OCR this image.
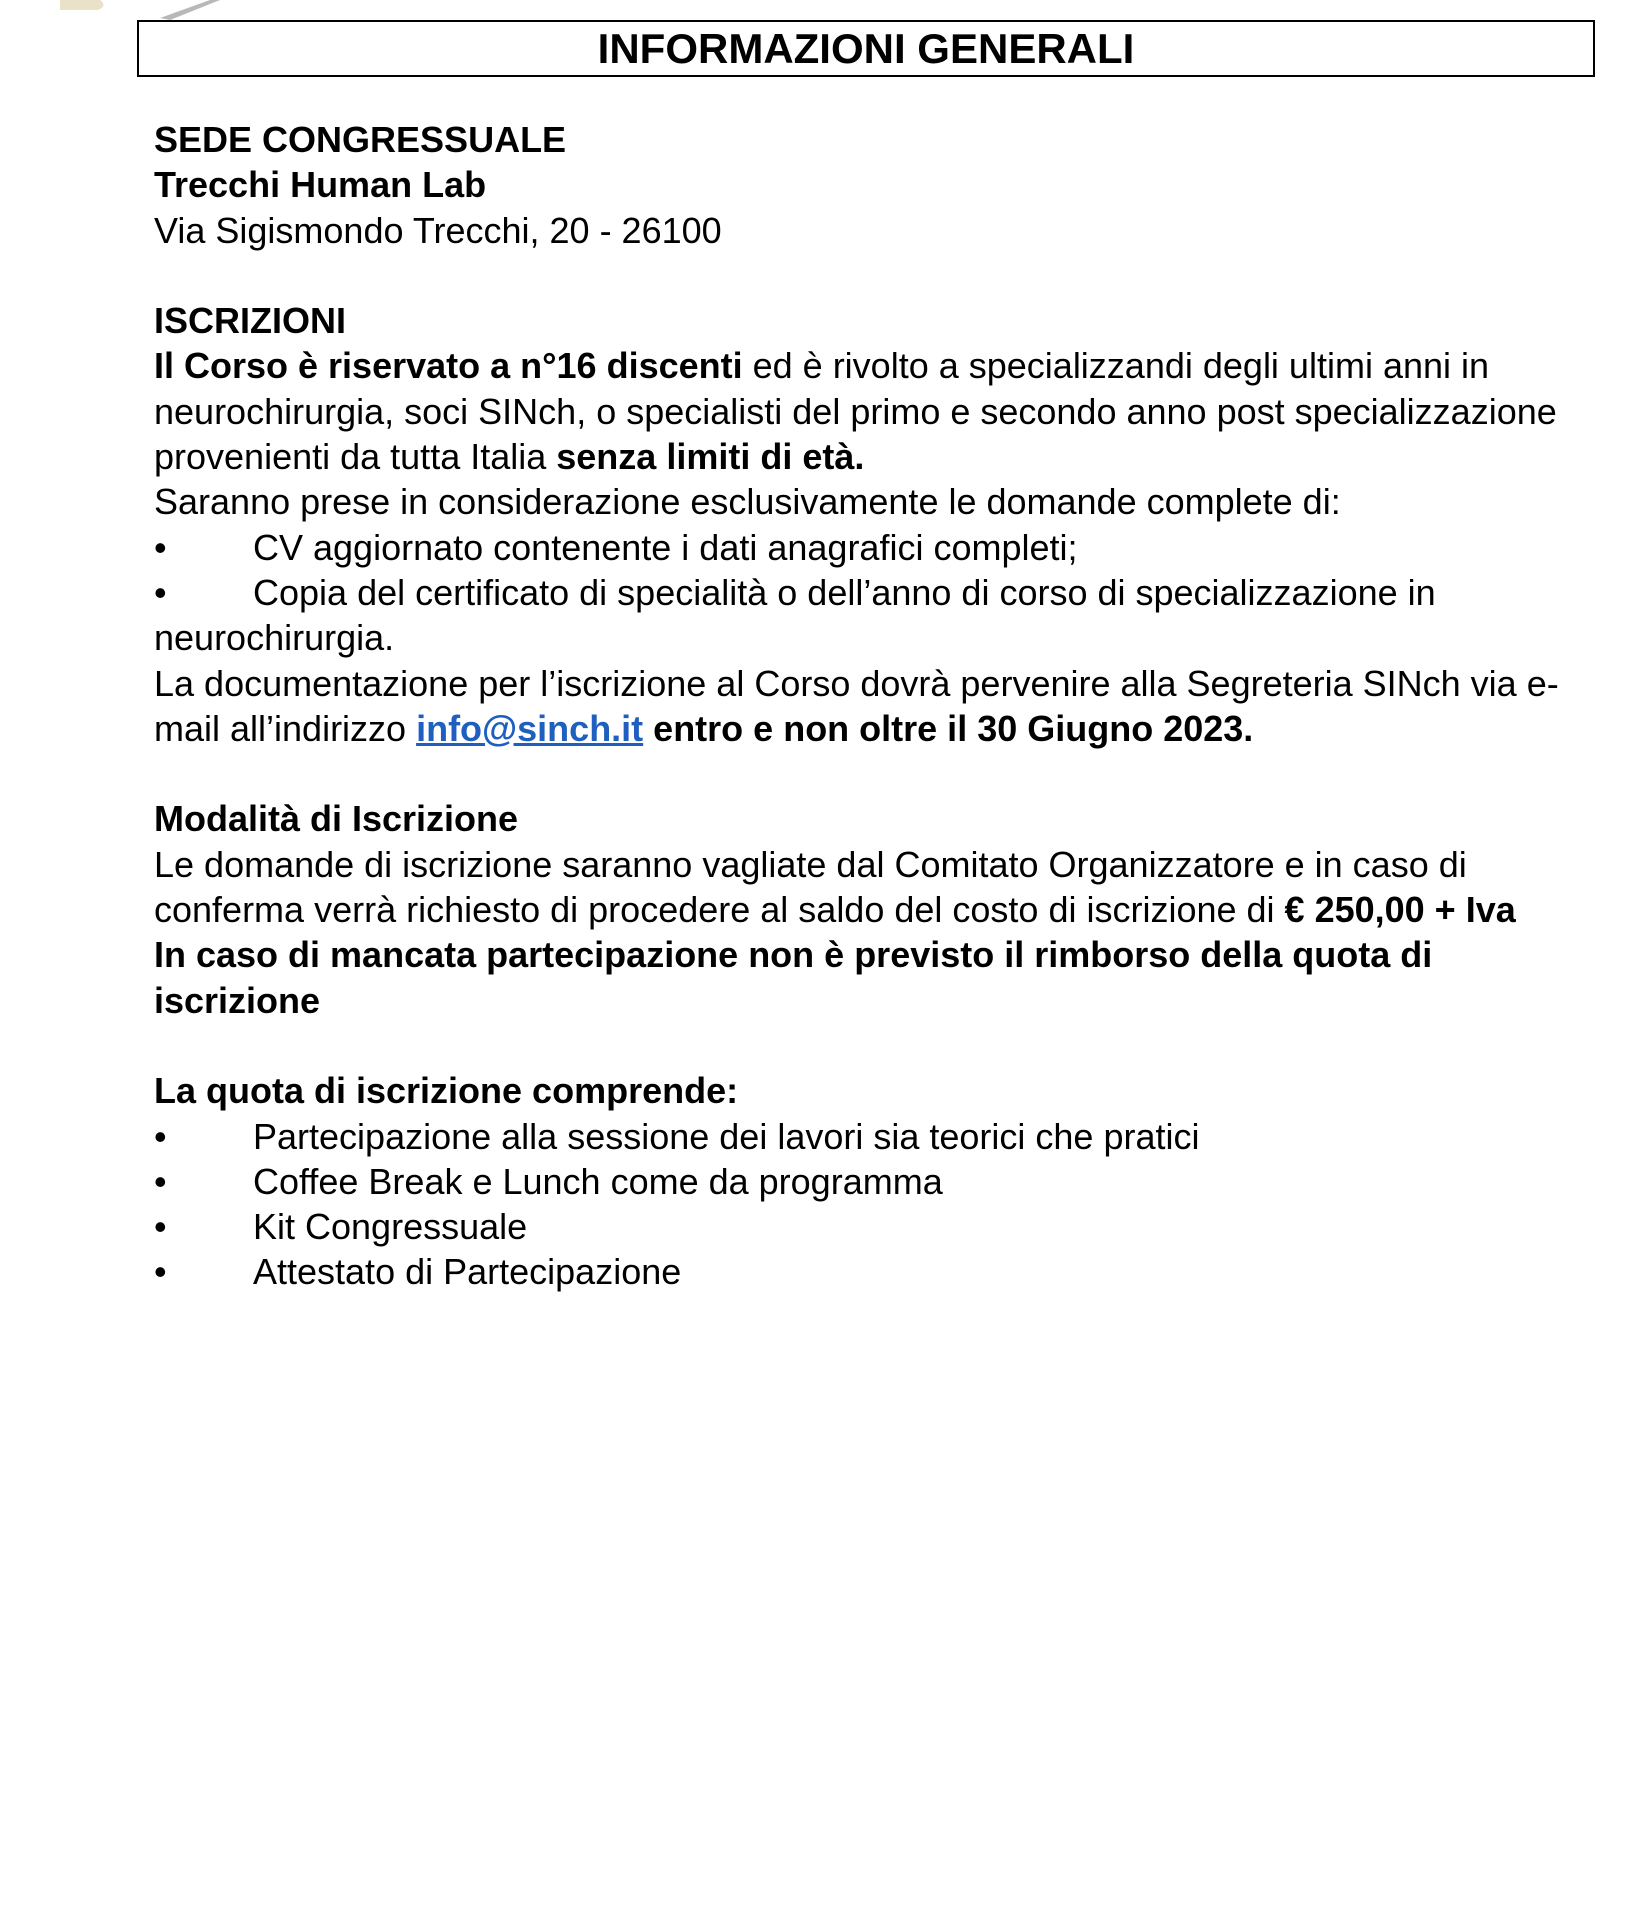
INFORMAZIONI GENERALI
SEDE CONGRESSUALE
Trecchi Human Lab
Via Sigismondo Trecchi, 20 - 26100
ISCRIZIONI

Il Corso è riservato a n°16 discenti ed è rivolto a specializzandi degli ultimi anni in neurochirurgia, soci SINch, o specialisti del primo e secondo anno post specializzazione provenienti da tutta Italia senza limiti di età.

Saranno prese in considerazione esclusivamente le domande complete di:
• CV aggiornato contenente i dati anagrafici completi;
• Copia del certificato di specialità o dell’anno di corso di specializzazione in neurochirurgia.

La documentazione per l’iscrizione al Corso dovrà pervenire alla Segreteria SINch via e-mail all’indirizzo info@sinch.it entro e non oltre il 30 Giugno 2023.

Modalità di Iscrizione

Le domande di iscrizione saranno vagliate dal Comitato Organizzatore e in caso di conferma verrà richiesto di procedere al saldo del costo di iscrizione di € 250,00 + Iva

In caso di mancata partecipazione non è previsto il rimborso della quota di iscrizione

La quota di iscrizione comprende:
• Partecipazione alla sessione dei lavori sia teorici che pratici
• Coffee Break e Lunch come da programma
• Kit Congressuale
• Attestato di Partecipazione
